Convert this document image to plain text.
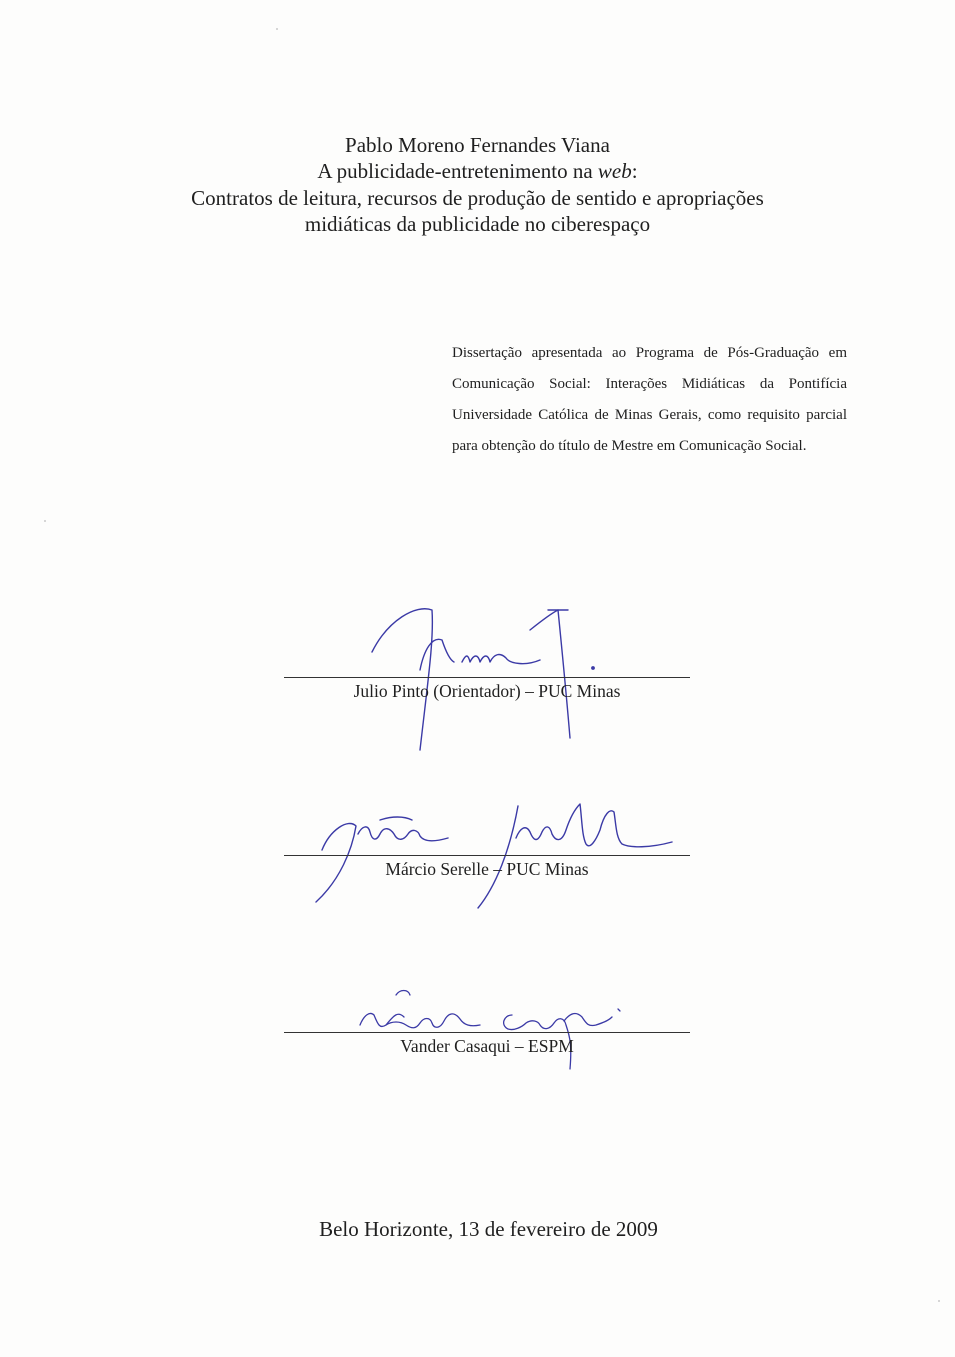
Pablo Moreno Fernandes Viana
A publicidade-entretenimento na web:
Contratos de leitura, recursos de produção de sentido e apropriações
midiáticas da publicidade no ciberespaço
Dissertação apresentada ao Programa de Pós-Graduação em Comunicação Social: Interações Midiáticas da Pontifícia Universidade Católica de Minas Gerais, como requisito parcial para obtenção do título de Mestre em Comunicação Social.
Julio Pinto (Orientador) – PUC Minas
Márcio Serelle – PUC Minas
Vander Casaqui – ESPM
Belo Horizonte, 13 de fevereiro de 2009
